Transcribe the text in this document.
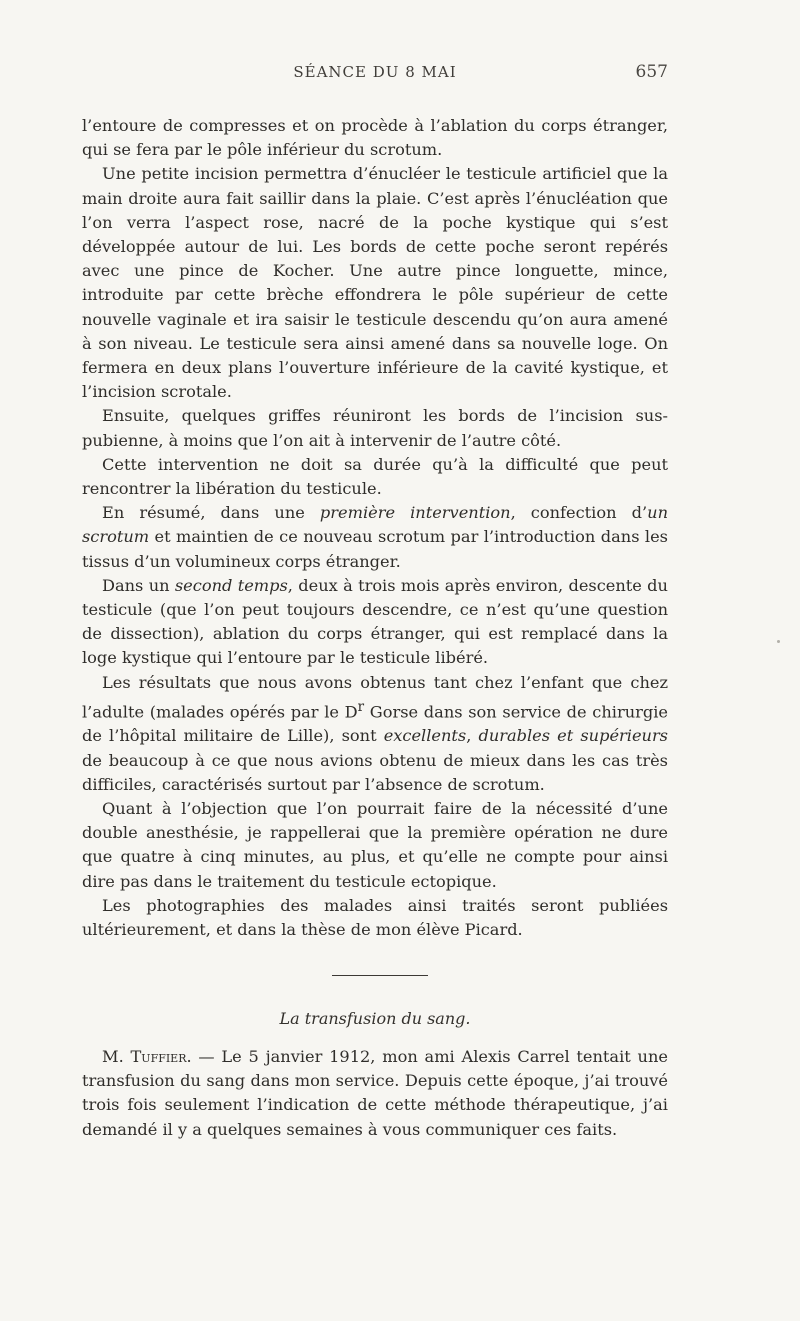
SÉANCE DU 8 MAI	657

l’entoure de compresses et on procède à l’ablation du corps étranger, qui se fera par le pôle inférieur du scrotum.

Une petite incision permettra d’énucléer le testicule artificiel que la main droite aura fait saillir dans la plaie. C’est après l’énucléation que l’on verra l’aspect rose, nacré de la poche kystique qui s’est développée autour de lui. Les bords de cette poche seront repérés avec une pince de Kocher. Une autre pince longuette, mince, introduite par cette brèche effondrera le pôle supérieur de cette nouvelle vaginale et ira saisir le testicule descendu qu’on aura amené à son niveau. Le testicule sera ainsi amené dans sa nouvelle loge. On fermera en deux plans l’ouverture inférieure de la cavité kystique, et l’incision scrotale.

Ensuite, quelques griffes réuniront les bords de l’incision sus-pubienne, à moins que l’on ait à intervenir de l’autre côté.

Cette intervention ne doit sa durée qu’à la difficulté que peut rencontrer la libération du testicule.

En résumé, dans une première intervention, confection d’un scrotum et maintien de ce nouveau scrotum par l’introduction dans les tissus d’un volumineux corps étranger.

Dans un second temps, deux à trois mois après environ, descente du testicule (que l’on peut toujours descendre, ce n’est qu’une question de dissection), ablation du corps étranger, qui est remplacé dans la loge kystique qui l’entoure par le testicule libéré.

Les résultats que nous avons obtenus tant chez l’enfant que chez l’adulte (malades opérés par le $D^r$ Gorse dans son service de chirurgie de l’hôpital militaire de Lille), sont excellents, durables et supérieurs de beaucoup à ce que nous avions obtenu de mieux dans les cas très difficiles, caractérisés surtout par l’absence de scrotum.

Quant à l’objection que l’on pourrait faire de la nécessité d’une double anesthésie, je rappellerai que la première opération ne dure que quatre à cinq minutes, au plus, et qu’elle ne compte pour ainsi dire pas dans le traitement du testicule ectopique.

Les photographies des malades ainsi traités seront publiées ultérieurement, et dans la thèse de mon élève Picard.

La transfusion du sang.

M. Tuffier. — Le 5 janvier 1912, mon ami Alexis Carrel tentait une transfusion du sang dans mon service. Depuis cette époque, j’ai trouvé trois fois seulement l’indication de cette méthode thérapeutique, j’ai demandé il y a quelques semaines à vous communiquer ces faits.
